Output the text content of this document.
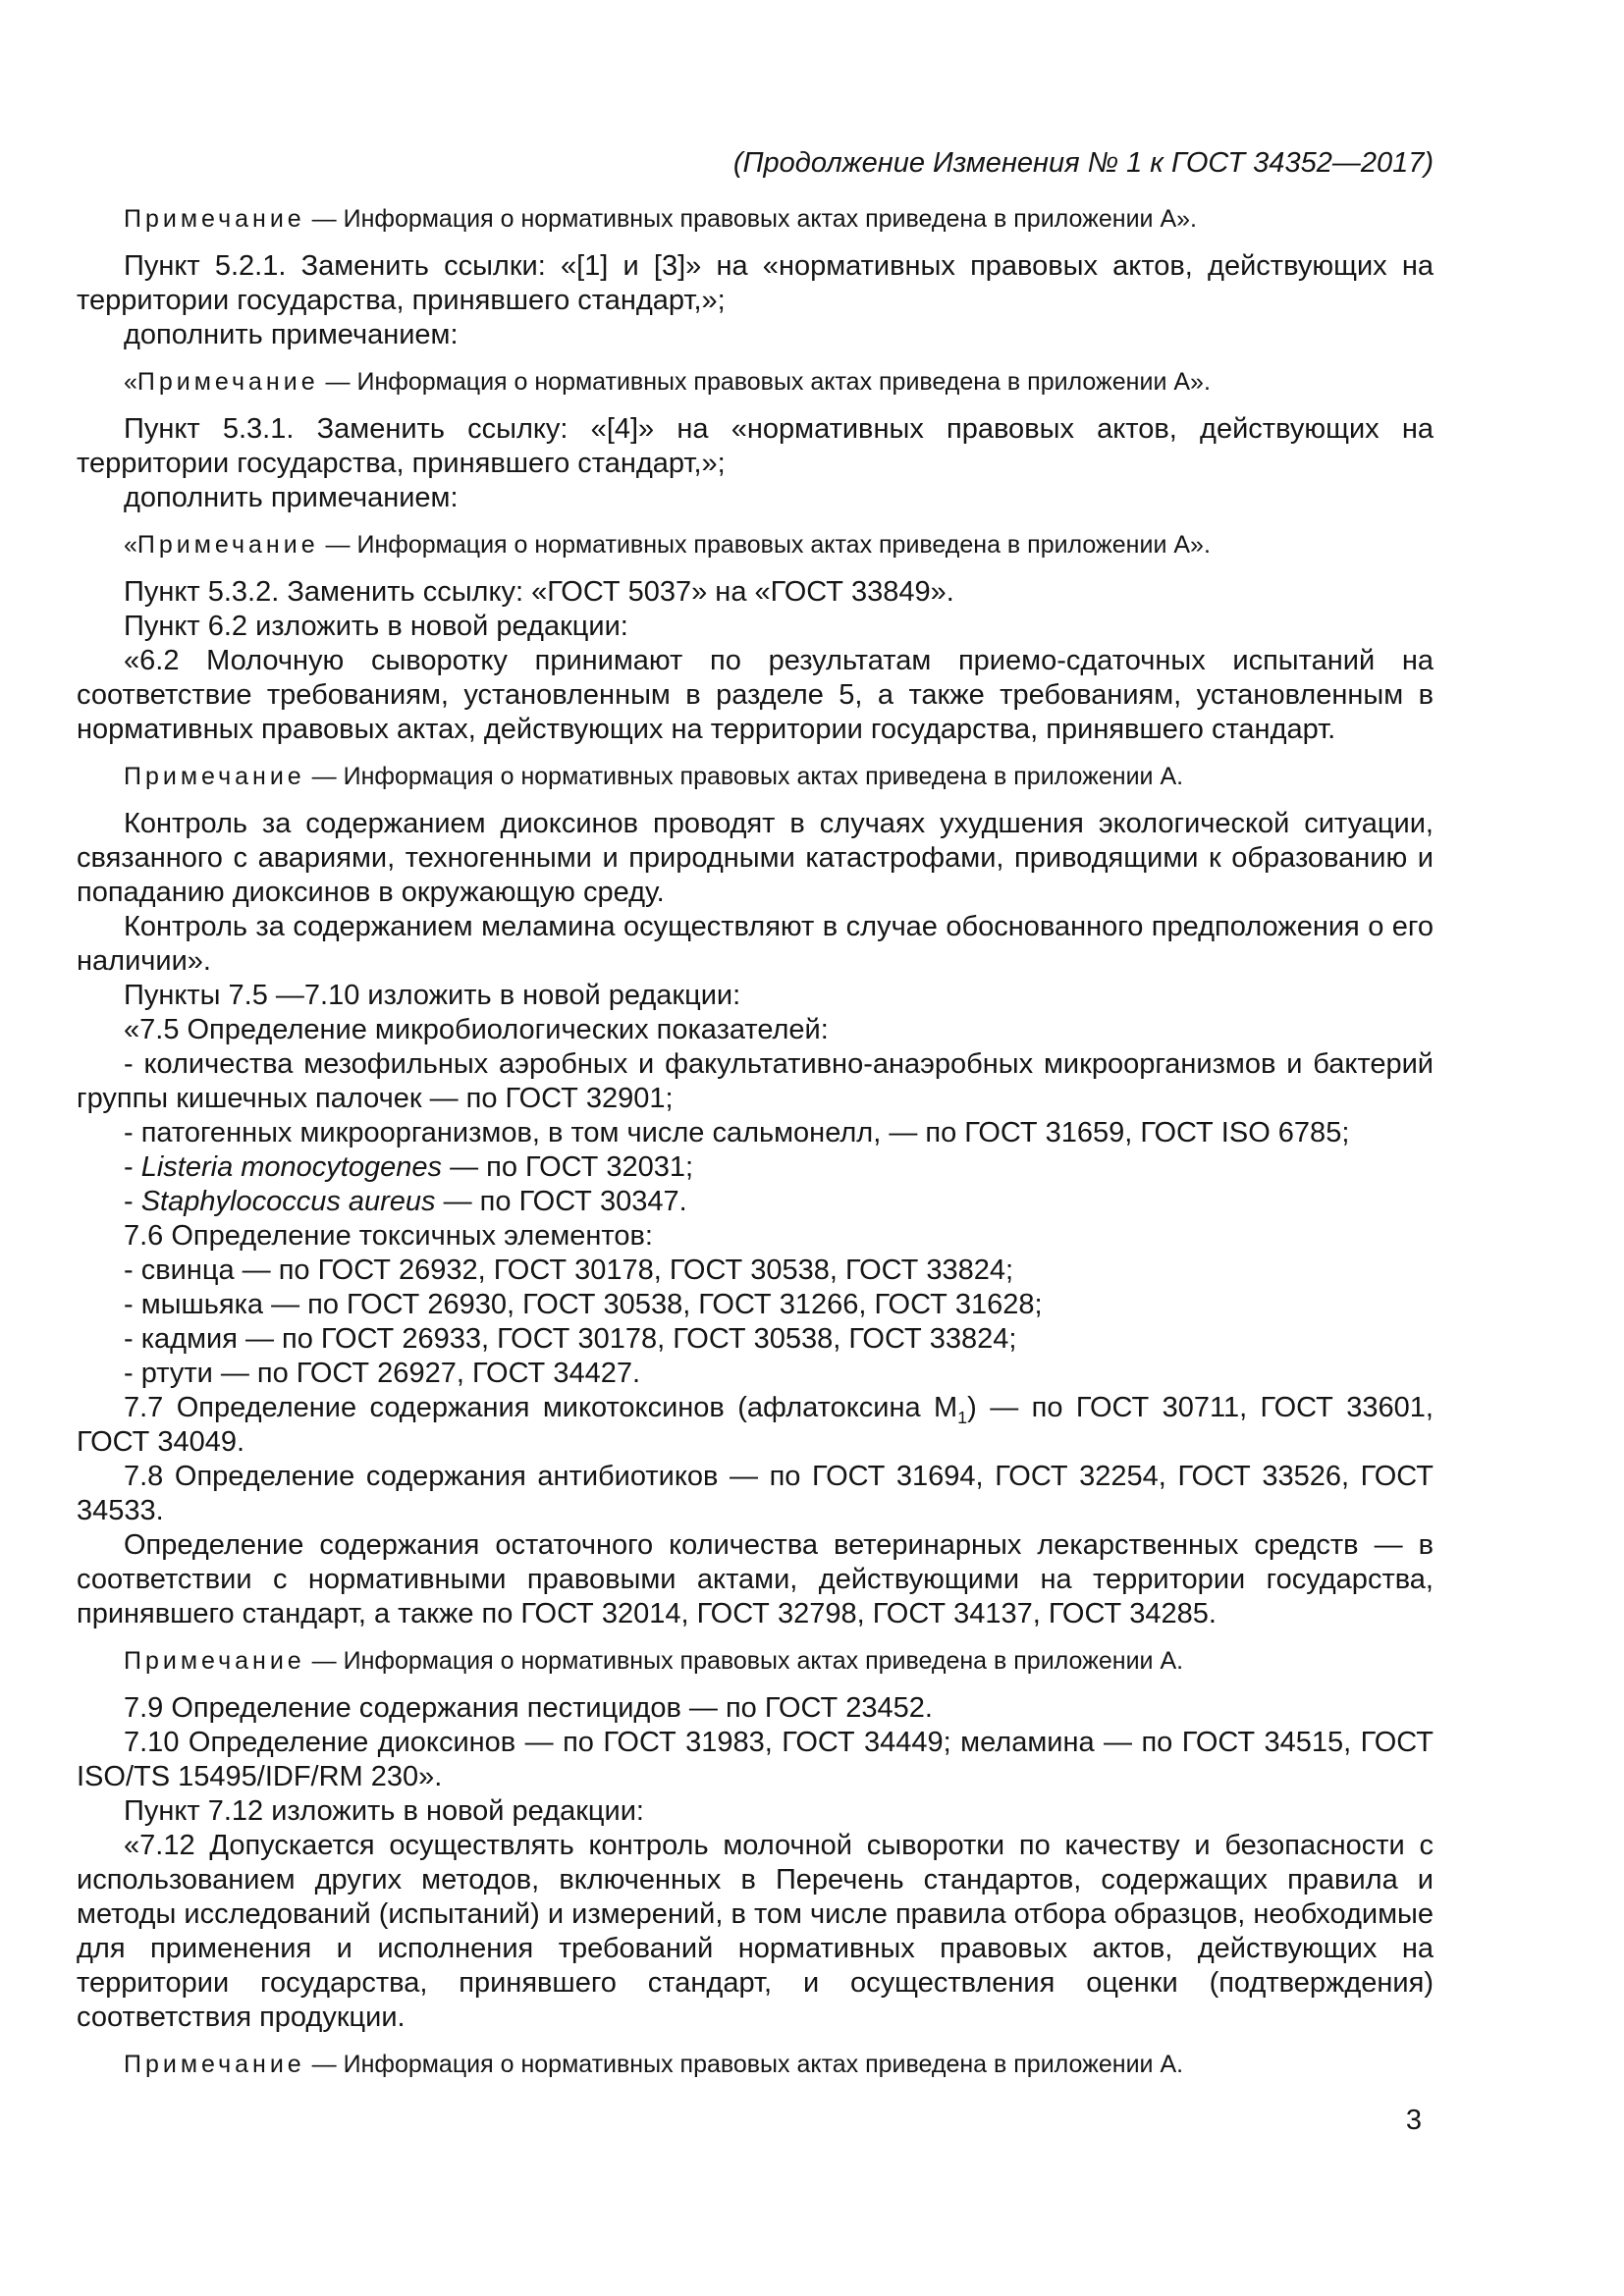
(Продолжение Изменения № 1 к ГОСТ 34352—2017)

Примечание — Информация о нормативных правовых актах приведена в приложении А».

Пункт 5.2.1. Заменить ссылки: «[1] и [3]» на «нормативных правовых актов, действующих на территории государства, принявшего стандарт,»;

дополнить примечанием:

«Примечание — Информация о нормативных правовых актах приведена в приложении А».

Пункт 5.3.1. Заменить ссылку: «[4]» на «нормативных правовых актов, действующих на территории государства, принявшего стандарт,»;

дополнить примечанием:

«Примечание — Информация о нормативных правовых актах приведена в приложении А».

Пункт 5.3.2. Заменить ссылку: «ГОСТ 5037» на «ГОСТ 33849».

Пункт 6.2 изложить в новой редакции:

«6.2 Молочную сыворотку принимают по результатам приемо-сдаточных испытаний на соответствие требованиям, установленным в разделе 5, а также требованиям, установленным в нормативных правовых актах, действующих на территории государства, принявшего стандарт.

Примечание — Информация о нормативных правовых актах приведена в приложении А.

Контроль за содержанием диоксинов проводят в случаях ухудшения экологической ситуации, связанного с авариями, техногенными и природными катастрофами, приводящими к образованию и попаданию диоксинов в окружающую среду.

Контроль за содержанием меламина осуществляют в случае обоснованного предположения о его наличии».

Пункты 7.5 —7.10 изложить в новой редакции:

«7.5 Определение микробиологических показателей:

- количества мезофильных аэробных и факультативно-анаэробных микроорганизмов и бактерий группы кишечных палочек — по ГОСТ 32901;

- патогенных микроорганизмов, в том числе сальмонелл, — по ГОСТ 31659, ГОСТ ISO 6785;

- Listeria monocytogenes — по ГОСТ 32031;

- Staphylococcus aureus — по ГОСТ 30347.

7.6 Определение токсичных элементов:

- свинца — по ГОСТ 26932, ГОСТ 30178, ГОСТ 30538, ГОСТ 33824;

- мышьяка — по ГОСТ 26930, ГОСТ 30538, ГОСТ 31266, ГОСТ 31628;

- кадмия — по ГОСТ 26933, ГОСТ 30178, ГОСТ 30538, ГОСТ 33824;

- ртути — по ГОСТ 26927, ГОСТ 34427.

7.7 Определение содержания микотоксинов (афлатоксина $М_1$) — по ГОСТ 30711, ГОСТ 33601, ГОСТ 34049.

7.8 Определение содержания антибиотиков — по ГОСТ 31694, ГОСТ 32254, ГОСТ 33526, ГОСТ 34533.

Определение содержания остаточного количества ветеринарных лекарственных средств — в соответствии с нормативными правовыми актами, действующими на территории государства, принявшего стандарт, а также по ГОСТ 32014, ГОСТ 32798, ГОСТ 34137, ГОСТ 34285.

Примечание — Информация о нормативных правовых актах приведена в приложении А.

7.9 Определение содержания пестицидов — по ГОСТ 23452.

7.10 Определение диоксинов — по ГОСТ 31983, ГОСТ 34449; меламина — по ГОСТ 34515, ГОСТ ISO/TS 15495/IDF/RM 230».

Пункт 7.12 изложить в новой редакции:

«7.12 Допускается осуществлять контроль молочной сыворотки по качеству и безопасности с использованием других методов, включенных в Перечень стандартов, содержащих правила и методы исследований (испытаний) и измерений, в том числе правила отбора образцов, необходимые для применения и исполнения требований нормативных правовых актов, действующих на территории государства, принявшего стандарт, и осуществления оценки (подтверждения) соответствия продукции.

Примечание — Информация о нормативных правовых актах приведена в приложении А.

3
